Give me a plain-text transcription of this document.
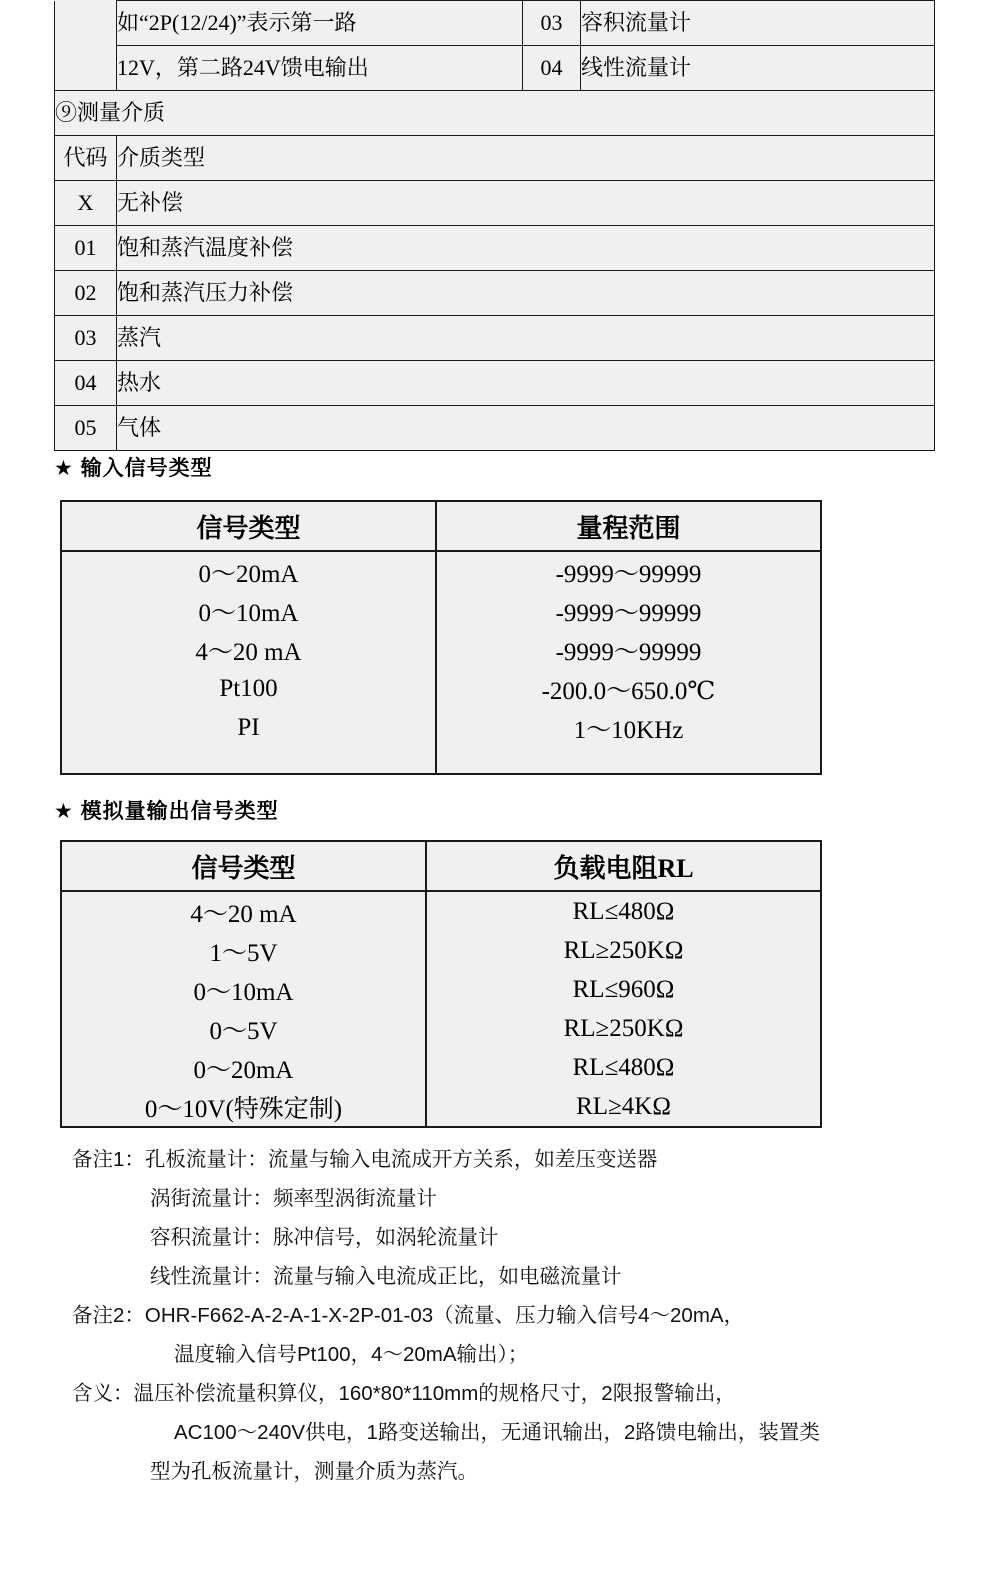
	如“2P(12/24)”表示第一路	03	容积流量计
	12V，第二路24V馈电输出	04	线性流量计
⑨测量介质			
代码	介质类型		
X	无补偿		
01	饱和蒸汽温度补偿		
02	饱和蒸汽压力补偿		
03	蒸汽		
04	热水		
05	气体		
★ 输入信号类型
信号类型	量程范围
0～20mA	-9999～99999
0～10mA	-9999～99999
4～20 mA	-9999～99999
Pt100	-200.0～650.0℃
PI	1～10KHz

★ 模拟量输出信号类型
信号类型	负载电阻RL
4～20 mA	RL≤480Ω
1～5V	RL≥250KΩ
0～10mA	RL≤960Ω
0～5V	RL≥250KΩ
0～20mA	RL≤480Ω
0～10V(特殊定制)	RL≥4KΩ
备注1：孔板流量计：流量与输入电流成开方关系，如差压变送器
涡街流量计：频率型涡街流量计
容积流量计：脉冲信号，如涡轮流量计
线性流量计：流量与输入电流成正比，如电磁流量计
备注2：OHR-F662-A-2-A-1-X-2P-01-03（流量、压力输入信号4～20mA，
温度输入信号Pt100，4～20mA输出）；
含义：温压补偿流量积算仪，160*80*110mm的规格尺寸，2限报警输出，
AC100～240V供电，1路变送输出，无通讯输出，2路馈电输出，装置类
型为孔板流量计，测量介质为蒸汽。
